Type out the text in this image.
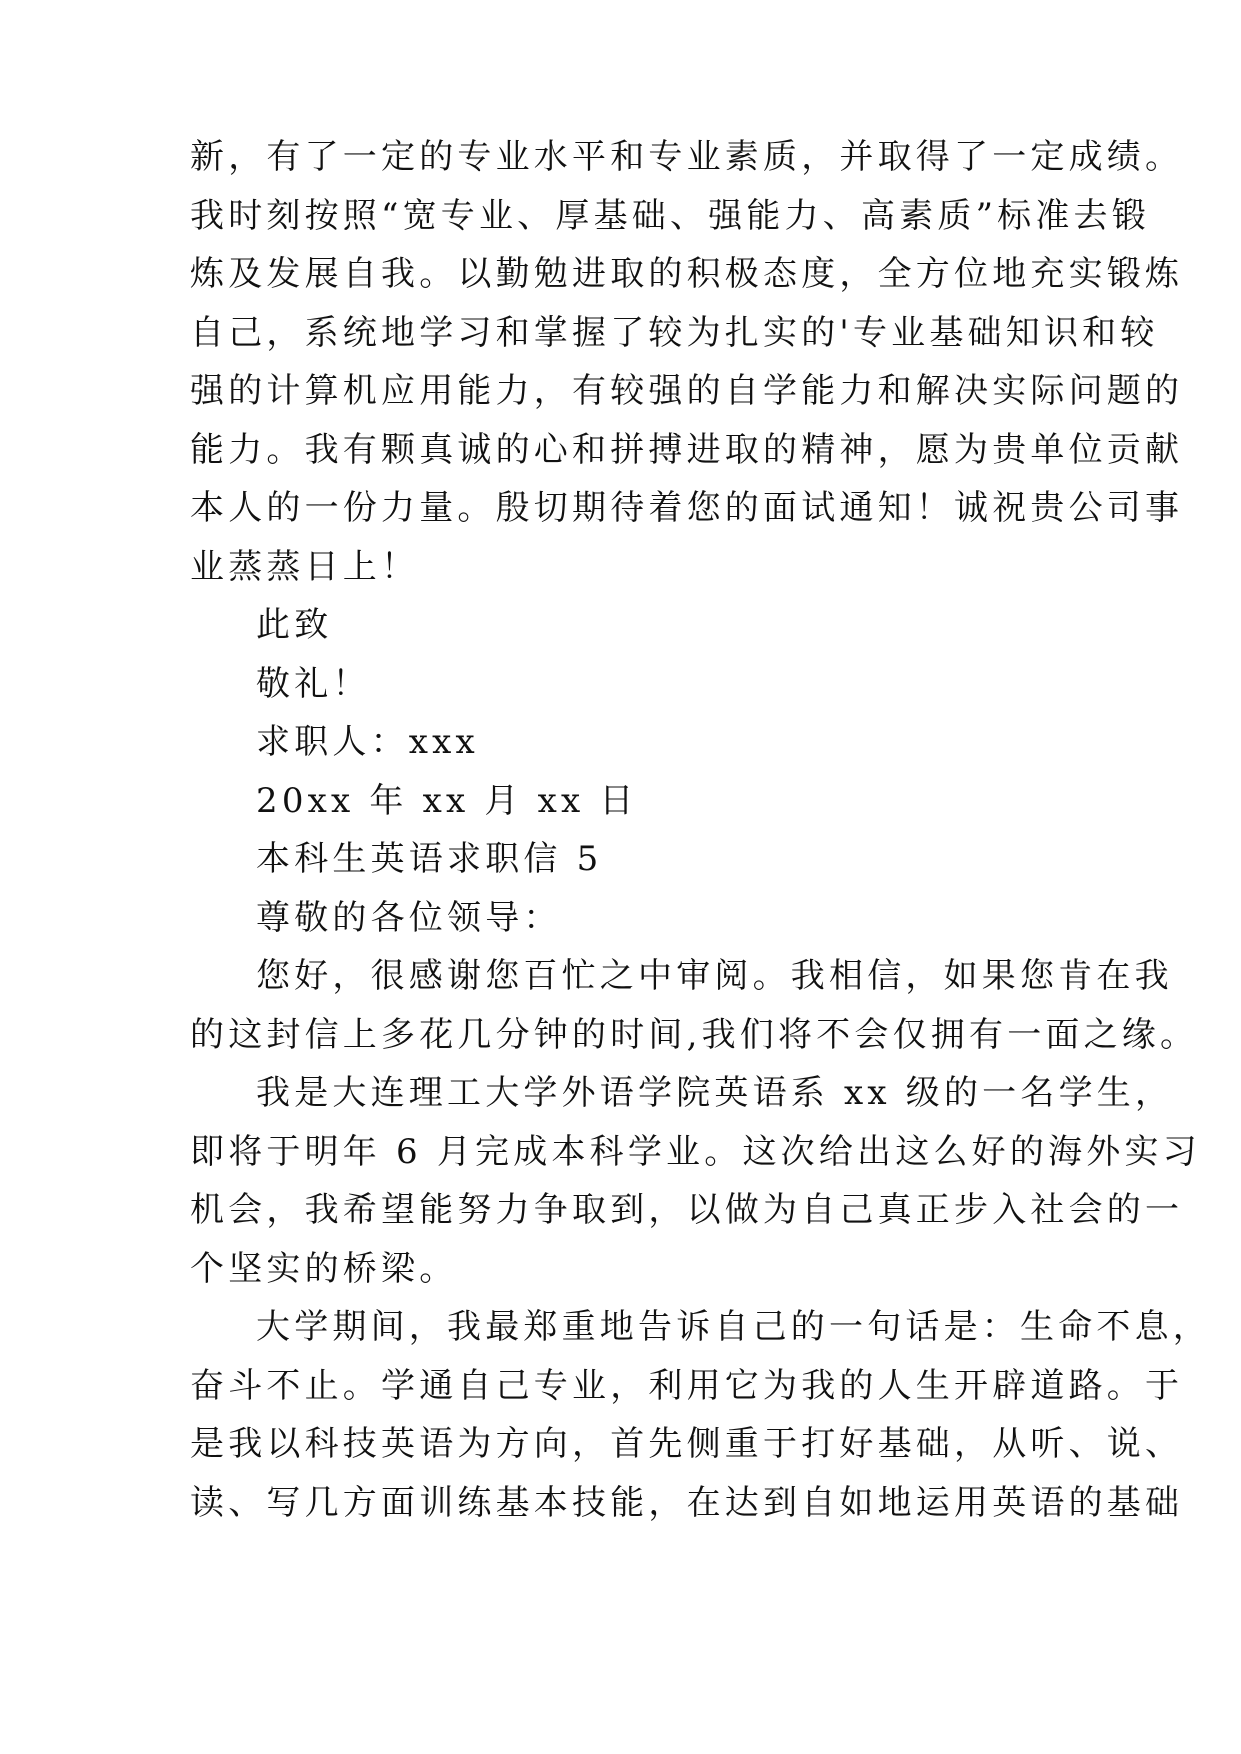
新，有了一定的专业水平和专业素质，并取得了一定成绩。
我时刻按照“宽专业、厚基础、强能力、高素质”标准去锻
炼及发展自我。以勤勉进取的积极态度，全方位地充实锻炼
自己，系统地学习和掌握了较为扎实的'专业基础知识和较
强的计算机应用能力，有较强的自学能力和解决实际问题的
能力。我有颗真诚的心和拼搏进取的精神，愿为贵单位贡献
本人的一份力量。殷切期待着您的面试通知！诚祝贵公司事
业蒸蒸日上！
此致
敬礼！
求职人：xxx
20xx 年 xx 月 xx 日
本科生英语求职信 5
尊敬的各位领导：
您好，很感谢您百忙之中审阅。我相信，如果您肯在我
的这封信上多花几分钟的时间,我们将不会仅拥有一面之缘。
我是大连理工大学外语学院英语系 xx 级的一名学生，
即将于明年 6 月完成本科学业。这次给出这么好的海外实习
机会，我希望能努力争取到，以做为自己真正步入社会的一
个坚实的桥梁。
大学期间，我最郑重地告诉自己的一句话是：生命不息，
奋斗不止。学通自己专业，利用它为我的人生开辟道路。于
是我以科技英语为方向，首先侧重于打好基础，从听、说、
读、写几方面训练基本技能，在达到自如地运用英语的基础
